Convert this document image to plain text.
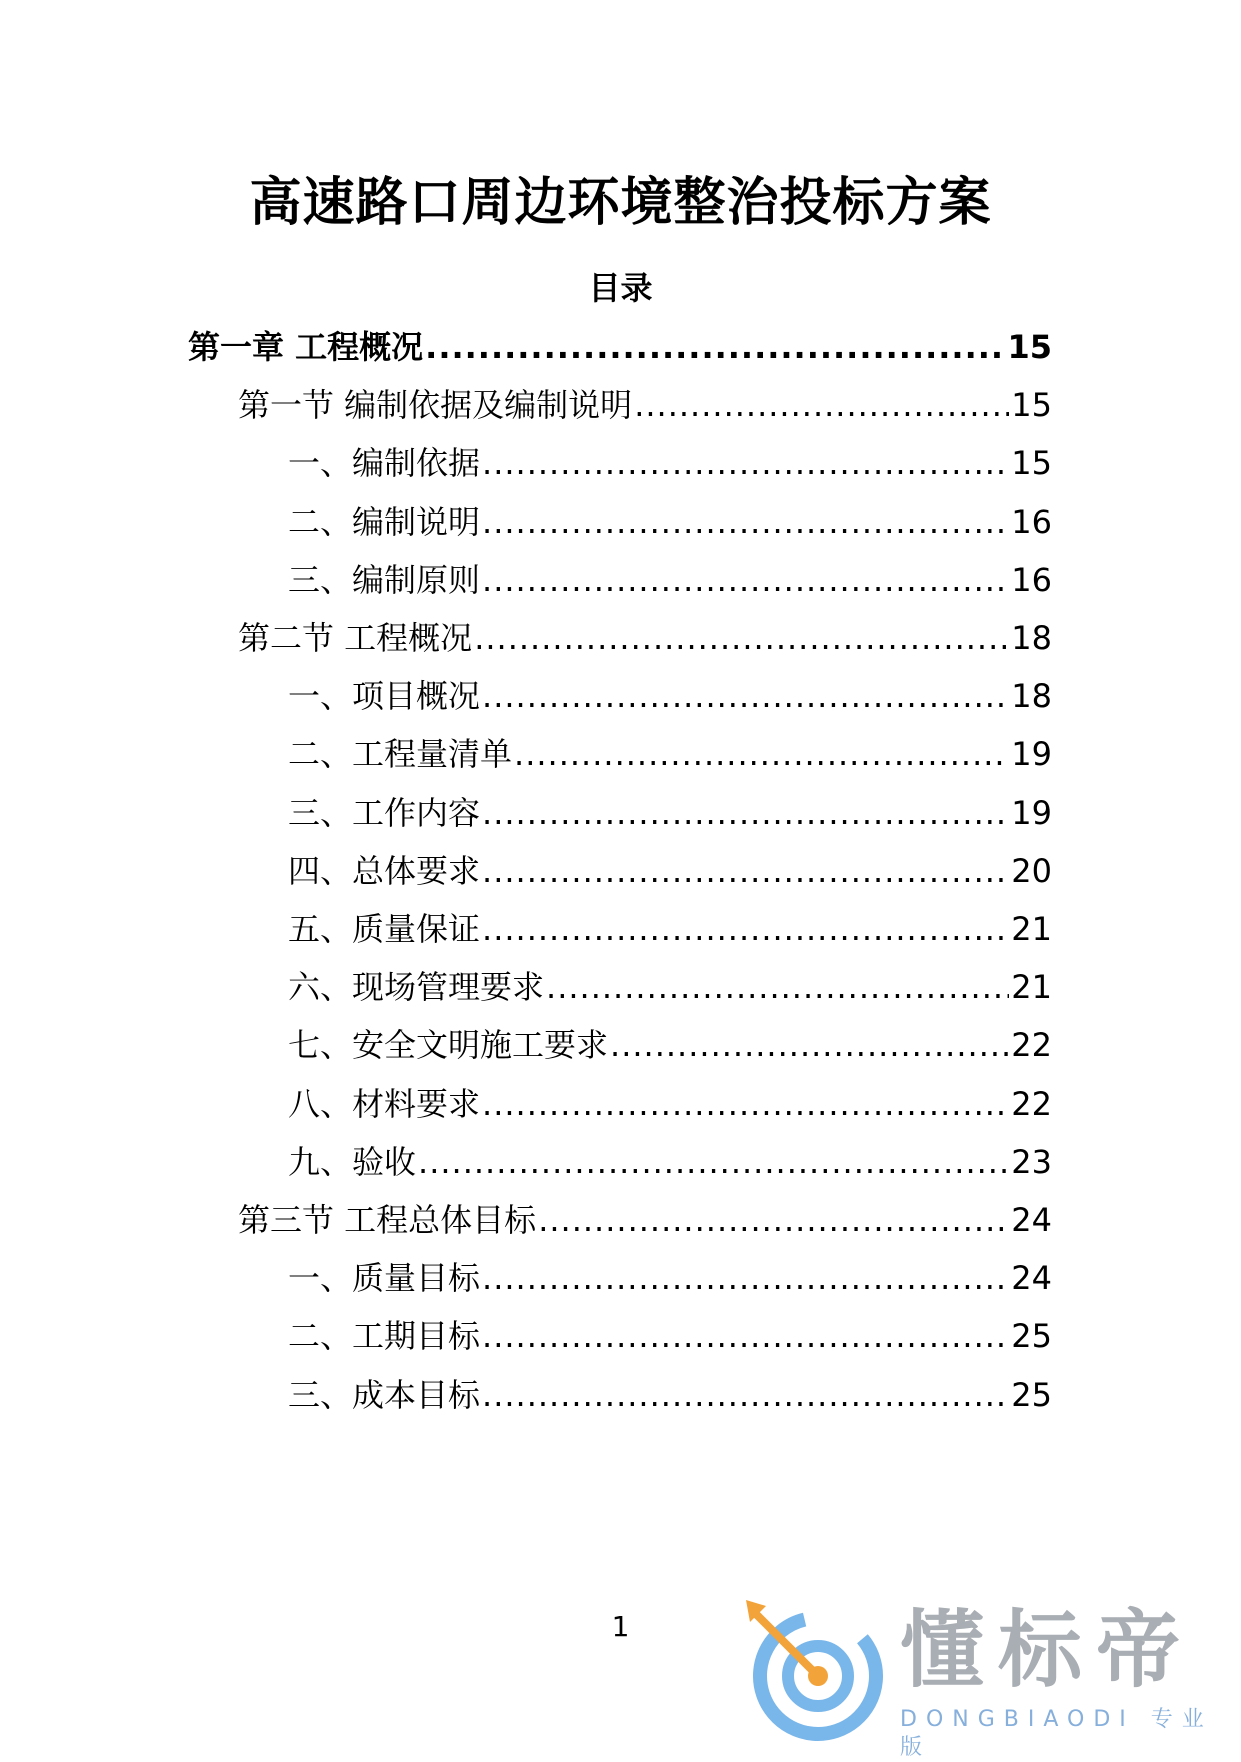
高速路口周边环境整治投标方案
目录
第一章 工程概况 .....	15
第一节 编制依据及编制说明 .....	15
一、编制依据 .....	15
二、编制说明 .....	16
三、编制原则 .....	16
第二节 工程概况 .....	18
一、项目概况 .....	18
二、工程量清单 .....	19
三、工作内容 .....	19
四、总体要求 .....	20
五、质量保证 .....	21
六、现场管理要求 .....	21
七、安全文明施工要求 .....	22
八、材料要求 .....	22
九、验收 .....	23
第三节 工程总体目标 .....	24
一、质量目标 .....	24
二、工期目标 .....	25
三、成本目标 .....	25
1	懂标帝
DONGBIAODI 专业版
